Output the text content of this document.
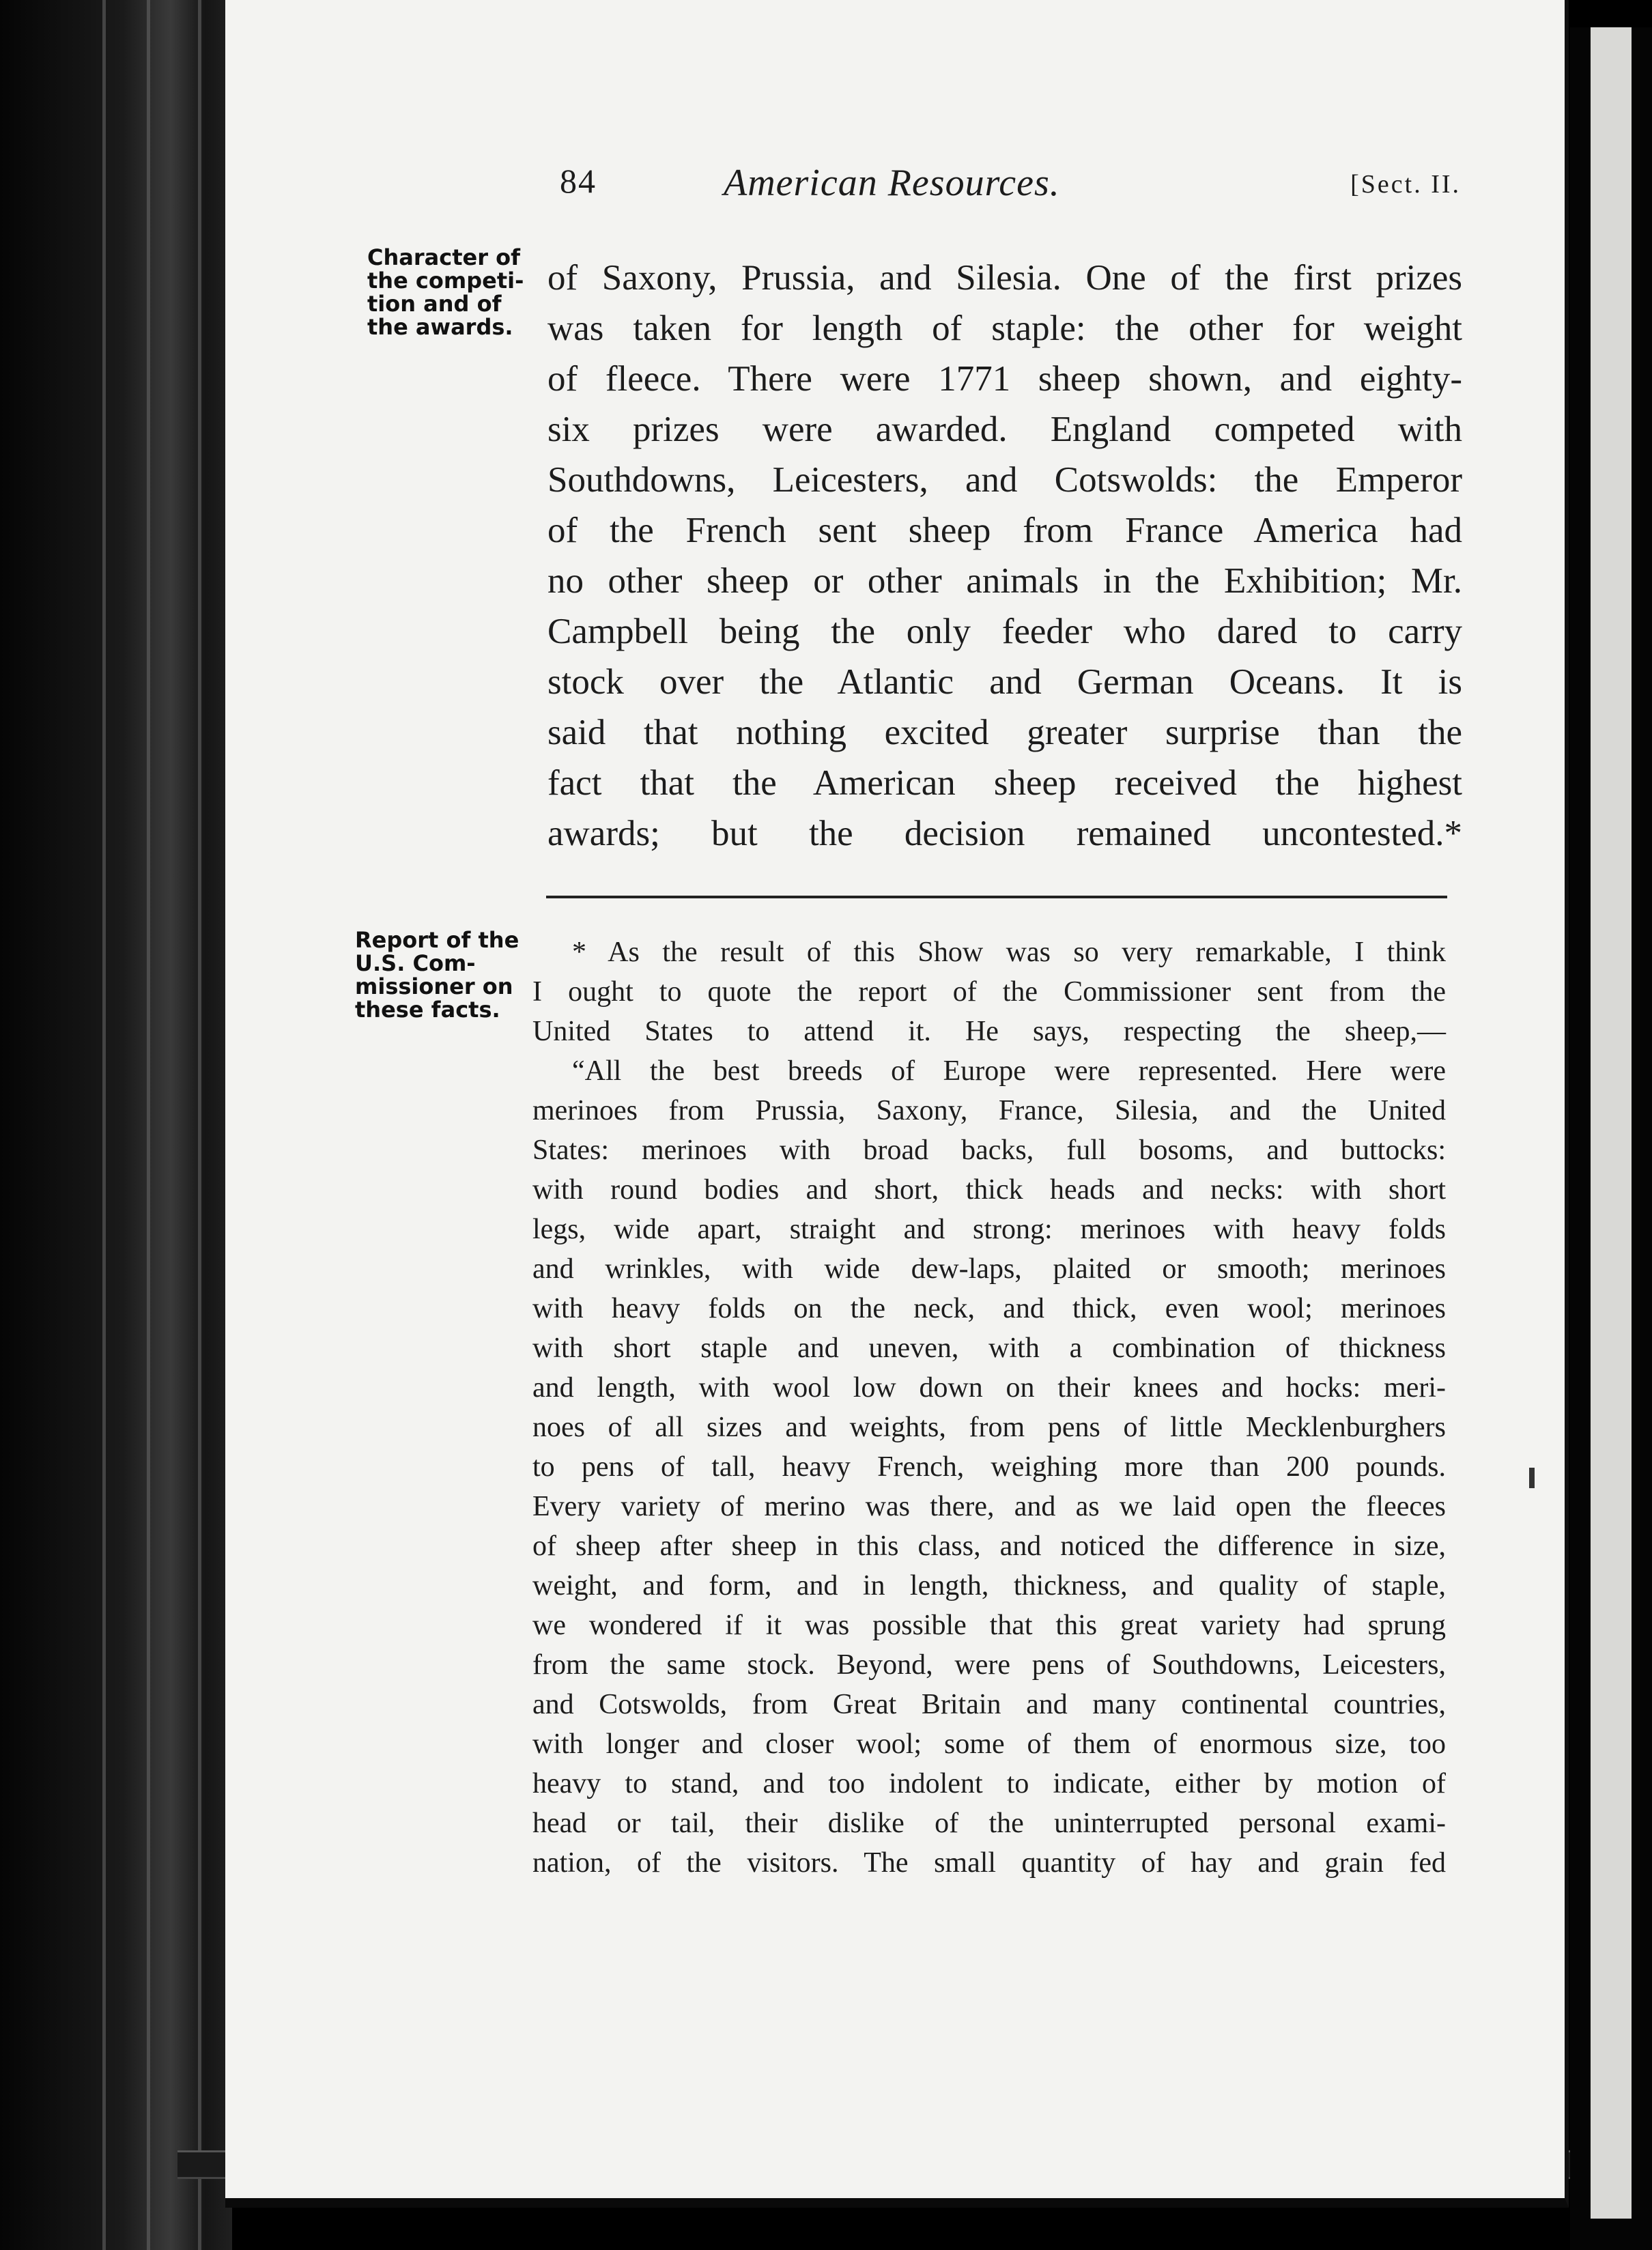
84	American Resources.	[Sect. II.

Character of
the competi-
tion and of
the awards.

of Saxony, Prussia, and Silesia. One of the first prizes
was taken for length of staple: the other for weight
of fleece. There were 1771 sheep shown, and eighty-
six prizes were awarded. England competed with
Southdowns, Leicesters, and Cotswolds: the Emperor
of the French sent sheep from France America had
no other sheep or other animals in the Exhibition; Mr.
Campbell being the only feeder who dared to carry
stock over the Atlantic and German Oceans. It is
said that nothing excited greater surprise than the
fact that the American sheep received the highest
awards; but the decision remained uncontested.*

Report of the
U.S. Com-
missioner on
these facts.

* As the result of this Show was so very remarkable, I think
I ought to quote the report of the Commissioner sent from the
United States to attend it. He says, respecting the sheep,—
“All the best breeds of Europe were represented. Here were
merinoes from Prussia, Saxony, France, Silesia, and the United
States: merinoes with broad backs, full bosoms, and buttocks:
with round bodies and short, thick heads and necks: with short
legs, wide apart, straight and strong: merinoes with heavy folds
and wrinkles, with wide dew-laps, plaited or smooth; merinoes
with heavy folds on the neck, and thick, even wool; merinoes
with short staple and uneven, with a combination of thickness
and length, with wool low down on their knees and hocks: meri-
noes of all sizes and weights, from pens of little Mecklenburghers
to pens of tall, heavy French, weighing more than 200 pounds.
Every variety of merino was there, and as we laid open the fleeces
of sheep after sheep in this class, and noticed the difference in size,
weight, and form, and in length, thickness, and quality of staple,
we wondered if it was possible that this great variety had sprung
from the same stock. Beyond, were pens of Southdowns, Leicesters,
and Cotswolds, from Great Britain and many continental countries,
with longer and closer wool; some of them of enormous size, too
heavy to stand, and too indolent to indicate, either by motion of
head or tail, their dislike of the uninterrupted personal exami-
nation, of the visitors. The small quantity of hay and grain fed
